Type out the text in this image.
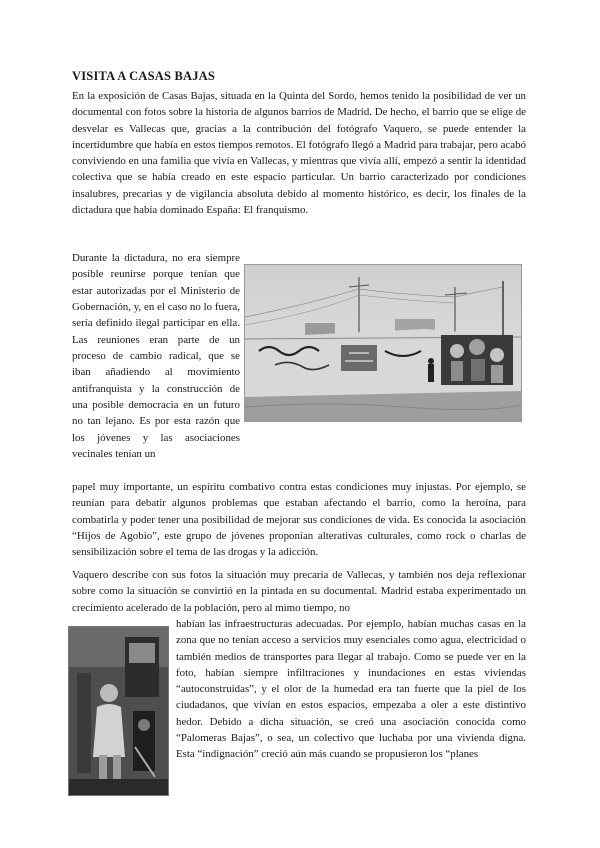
VISITA A CASAS BAJAS

En la exposición de Casas Bajas, situada en la Quinta del Sordo, hemos tenido la posibilidad de ver un documental con fotos sobre la historia de algunos barrios de Madrid. De hecho, el barrio que se elige de desvelar es Vallecas que, gracias a la contribución del fotógrafo Vaquero, se puede entender la incertidumbre que había en estos tiempos remotos. El fotógrafo llegó a Madrid para trabajar, pero acabó conviviendo en una familia que vivía en Vallecas, y mientras que vivía allí, empezó a sentir la identidad colectiva que se había creado en este espacio particular. Un barrio caracterizado por condiciones insalubres, precarias y de vigilancia absoluta debido al momento histórico, es decir, los finales de la dictadura que había dominado España: El franquismo.

Durante la dictadura, no era siempre posible reunirse porque tenían que estar autorizadas por el Ministerio de Gobernación, y, en el caso no lo fuera, sería definido ilegal participar en ella. Las reuniones eran parte de un proceso de cambio radical, que se iban añadiendo al movimiento antifranquista y la construcción de una posible democracia en un futuro no tan lejano. Es por esta razón que los jóvenes y las asociaciones vecinales tenían un

papel muy importante, un espíritu combativo contra estas condiciones muy injustas. Por ejemplo, se reunían para debatir algunos problemas que estaban afectando el barrio, como la heroína, para combatirla y poder tener una posibilidad de mejorar sus condiciones de vida. Es conocida la asociación “Hijos de Agobio”, este grupo de jóvenes proponían alterativas culturales, como rock o charlas de sensibilización sobre el tema de las drogas y la adicción.

Vaquero describe con sus fotos la situación muy precaria de Vallecas, y también nos deja reflexionar sobre como la situación se convirtió en la pintada en su documental. Madrid estaba experimentado un crecimiento acelerado de la población, pero al mimo tiempo, no

habían las infraestructuras adecuadas. Por ejemplo, habían muchas casas en la zona que no tenían acceso a servicios muy esenciales como agua, electricidad o también medios de transportes para llegar al trabajo. Como se puede ver en la foto, habían siempre infiltraciones y inundaciones en estas viviendas “autoconstruidas”, y el olor de la humedad era tan fuerte que la piel de los ciudadanos, que vivían en estos espacios, empezaba a oler a este distintivo hedor. Debido a dicha situación, se creó una asociación conocida como “Palomeras Bajas”, o sea, un colectivo que luchaba por una vivienda digna. Esta “indignación” creció aún más cuando se propusieron los “planes
